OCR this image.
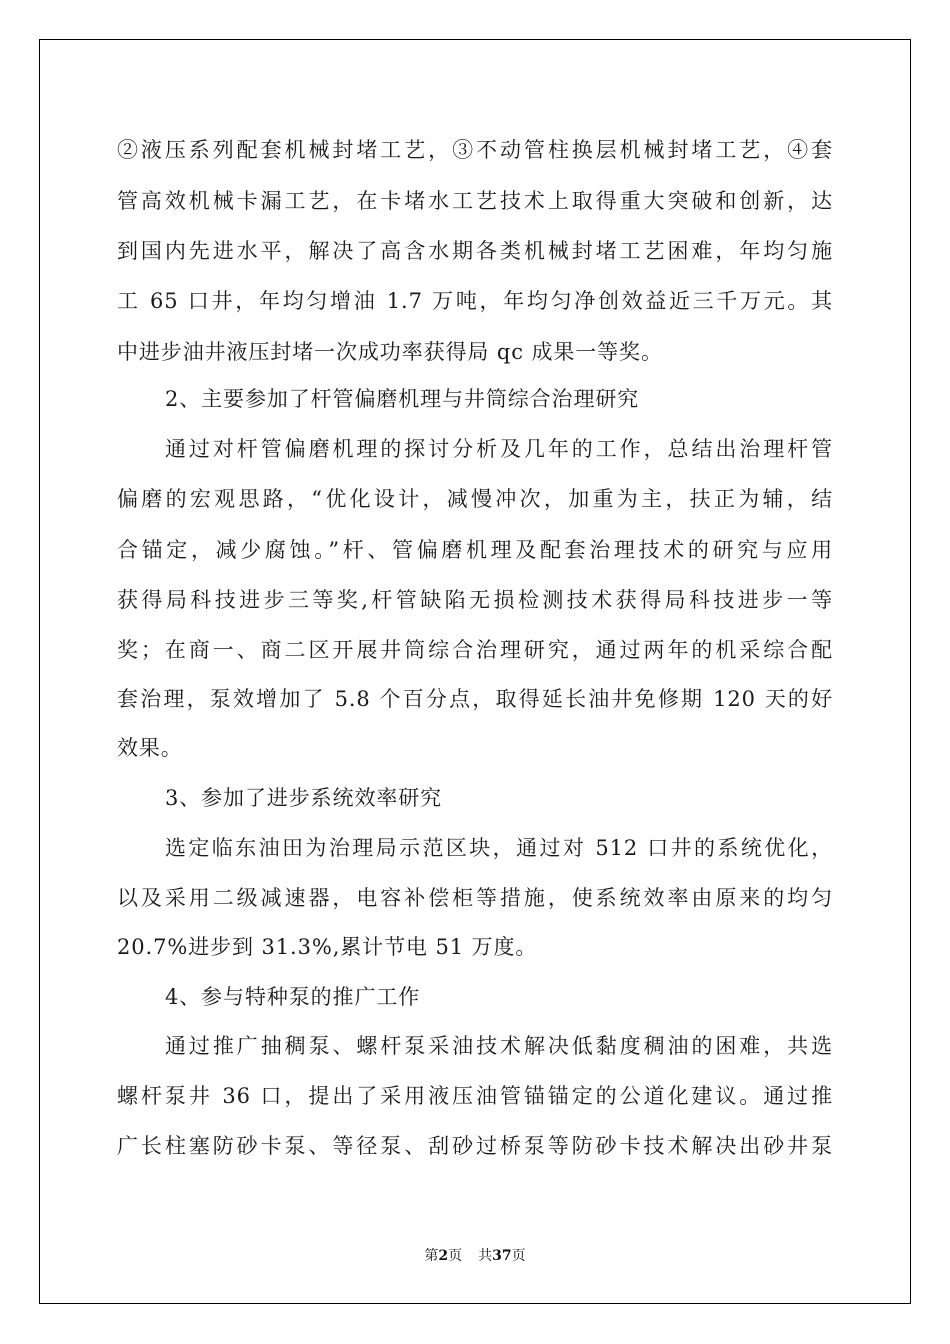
②液压系列配套机械封堵工艺，③不动管柱换层机械封堵工艺，④套
管高效机械卡漏工艺，在卡堵水工艺技术上取得重大突破和创新，达
到国内先进水平，解决了高含水期各类机械封堵工艺困难，年均匀施
工 65 口井，年均匀增油 1.7 万吨，年均匀净创效益近三千万元。其
中进步油井液压封堵一次成功率获得局 qc 成果一等奖。
2、主要参加了杆管偏磨机理与井筒综合治理研究
通过对杆管偏磨机理的探讨分析及几年的工作，总结出治理杆管
偏磨的宏观思路，“优化设计，减慢冲次，加重为主，扶正为辅，结
合锚定，减少腐蚀。”杆、管偏磨机理及配套治理技术的研究与应用
获得局科技进步三等奖,杆管缺陷无损检测技术获得局科技进步一等
奖；在商一、商二区开展井筒综合治理研究，通过两年的机采综合配
套治理，泵效增加了 5.8 个百分点，取得延长油井免修期 120 天的好
效果。
3、参加了进步系统效率研究
选定临东油田为治理局示范区块，通过对 512 口井的系统优化，
以及采用二级减速器，电容补偿柜等措施，使系统效率由原来的均匀
20.7%进步到 31.3%,累计节电 51 万度。
4、参与特种泵的推广工作
通过推广抽稠泵、螺杆泵采油技术解决低黏度稠油的困难，共选
螺杆泵井 36 口，提出了采用液压油管锚锚定的公道化建议。通过推
广长柱塞防砂卡泵、等径泵、刮砂过桥泵等防砂卡技术解决出砂井泵
第2页 共37页
